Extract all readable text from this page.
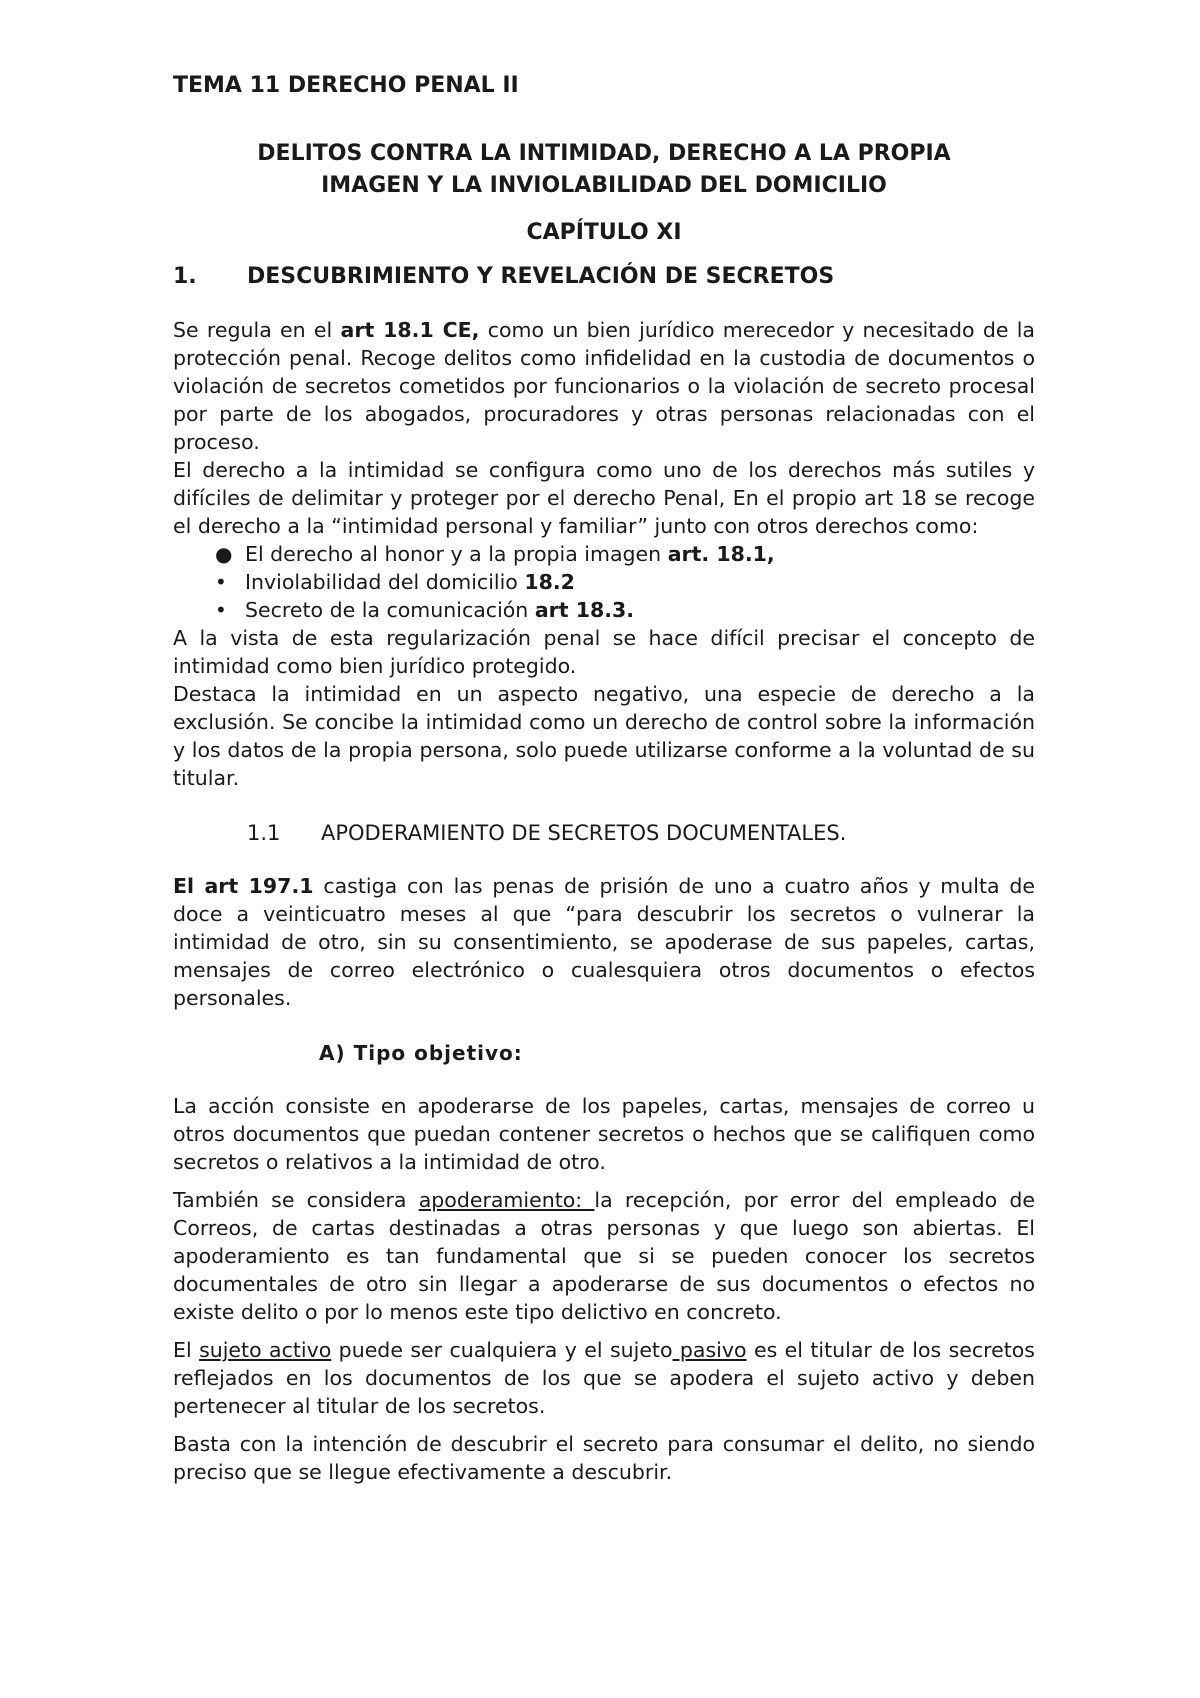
TEMA 11 DERECHO PENAL II
DELITOS CONTRA LA INTIMIDAD, DERECHO A LA PROPIA
IMAGEN Y LA INVIOLABILIDAD DEL DOMICILIO
CAPÍTULO XI
1.	DESCUBRIMIENTO Y REVELACIÓN DE SECRETOS

Se regula en el art 18.1 CE, como un bien jurídico merecedor y necesitado de la protección penal. Recoge delitos como infidelidad en la custodia de documentos o violación de secretos cometidos por funcionarios o la violación de secreto procesal por parte de los abogados, procuradores y otras personas relacionadas con el proceso.

El derecho a la intimidad se configura como uno de los derechos más sutiles y difíciles de delimitar y proteger por el derecho Penal, En el propio art 18 se recoge el derecho a la “intimidad personal y familiar” junto con otros derechos como:

● El derecho al honor y a la propia imagen art. 18.1,
• Inviolabilidad del domicilio 18.2
• Secreto de la comunicación art 18.3.

A la vista de esta regularización penal se hace difícil precisar el concepto de intimidad como bien jurídico protegido.

Destaca la intimidad en un aspecto negativo, una especie de derecho a la exclusión. Se concibe la intimidad como un derecho de control sobre la información y los datos de la propia persona, solo puede utilizarse conforme a la voluntad de su titular.

1.1	APODERAMIENTO DE SECRETOS DOCUMENTALES.

El art 197.1 castiga con las penas de prisión de uno a cuatro años y multa de doce a veinticuatro meses al que “para descubrir los secretos o vulnerar la intimidad de otro, sin su consentimiento, se apoderase de sus papeles, cartas, mensajes de correo electrónico o cualesquiera otros documentos o efectos personales.

A) Tipo objetivo:

La acción consiste en apoderarse de los papeles, cartas, mensajes de correo u otros documentos que puedan contener secretos o hechos que se califiquen como secretos o relativos a la intimidad de otro.

También se considera apoderamiento: la recepción, por error del empleado de Correos, de cartas destinadas a otras personas y que luego son abiertas. El apoderamiento es tan fundamental que si se pueden conocer los secretos documentales de otro sin llegar a apoderarse de sus documentos o efectos no existe delito o por lo menos este tipo delictivo en concreto.

El sujeto activo puede ser cualquiera y el sujeto pasivo es el titular de los secretos reflejados en los documentos de los que se apodera el sujeto activo y deben pertenecer al titular de los secretos.

Basta con la intención de descubrir el secreto para consumar el delito, no siendo preciso que se llegue efectivamente a descubrir.
